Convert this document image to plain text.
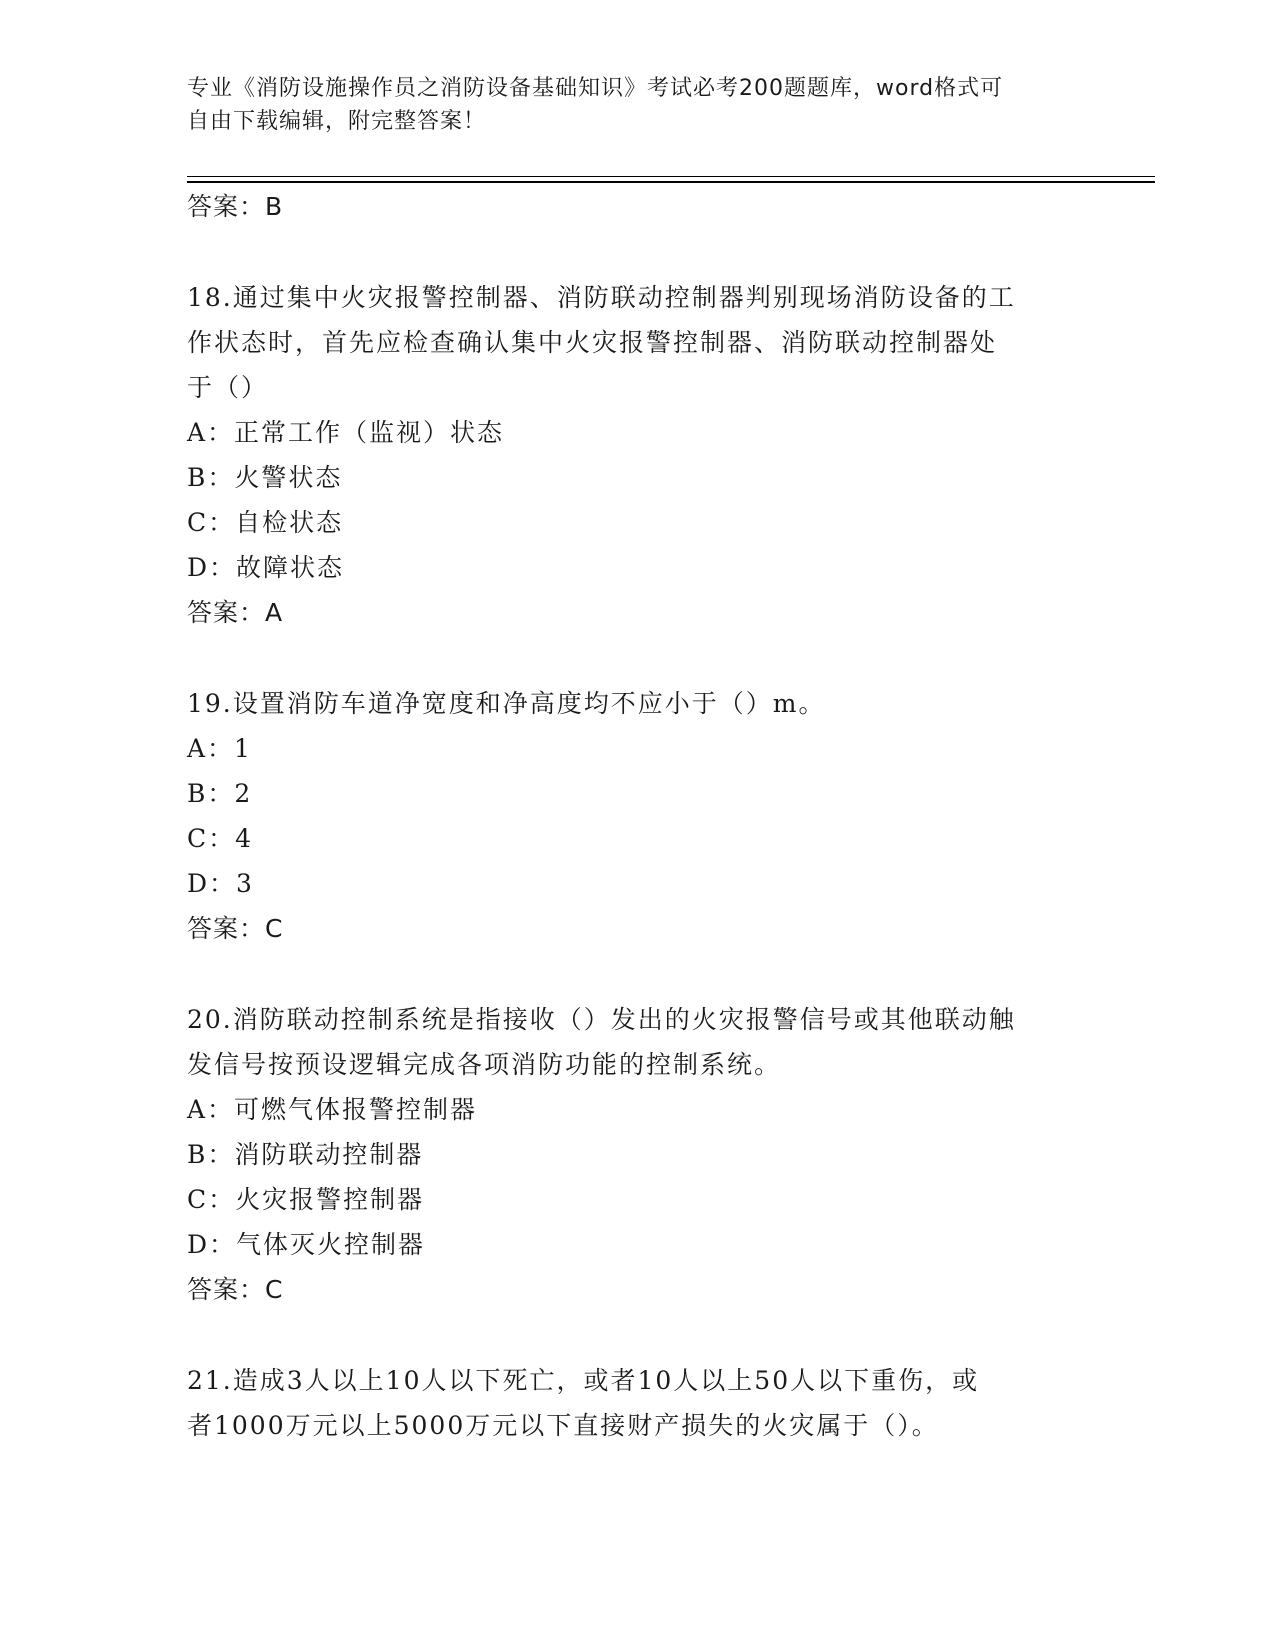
专业《消防设施操作员之消防设备基础知识》考试必考200题题库，word格式可
自由下载编辑，附完整答案！
答案：B
18.通过集中火灾报警控制器、消防联动控制器判别现场消防设备的工
作状态时，首先应检查确认集中火灾报警控制器、消防联动控制器处
于（）
A：正常工作（监视）状态
B：火警状态
C：自检状态
D：故障状态
答案：A
19.设置消防车道净宽度和净高度均不应小于（）m。
A：1
B：2
C：4
D：3
答案：C
20.消防联动控制系统是指接收（）发出的火灾报警信号或其他联动触
发信号按预设逻辑完成各项消防功能的控制系统。
A：可燃气体报警控制器
B：消防联动控制器
C：火灾报警控制器
D：气体灭火控制器
答案：C
21.造成3人以上10人以下死亡，或者10人以上50人以下重伤，或
者1000万元以上5000万元以下直接财产损失的火灾属于（）。
